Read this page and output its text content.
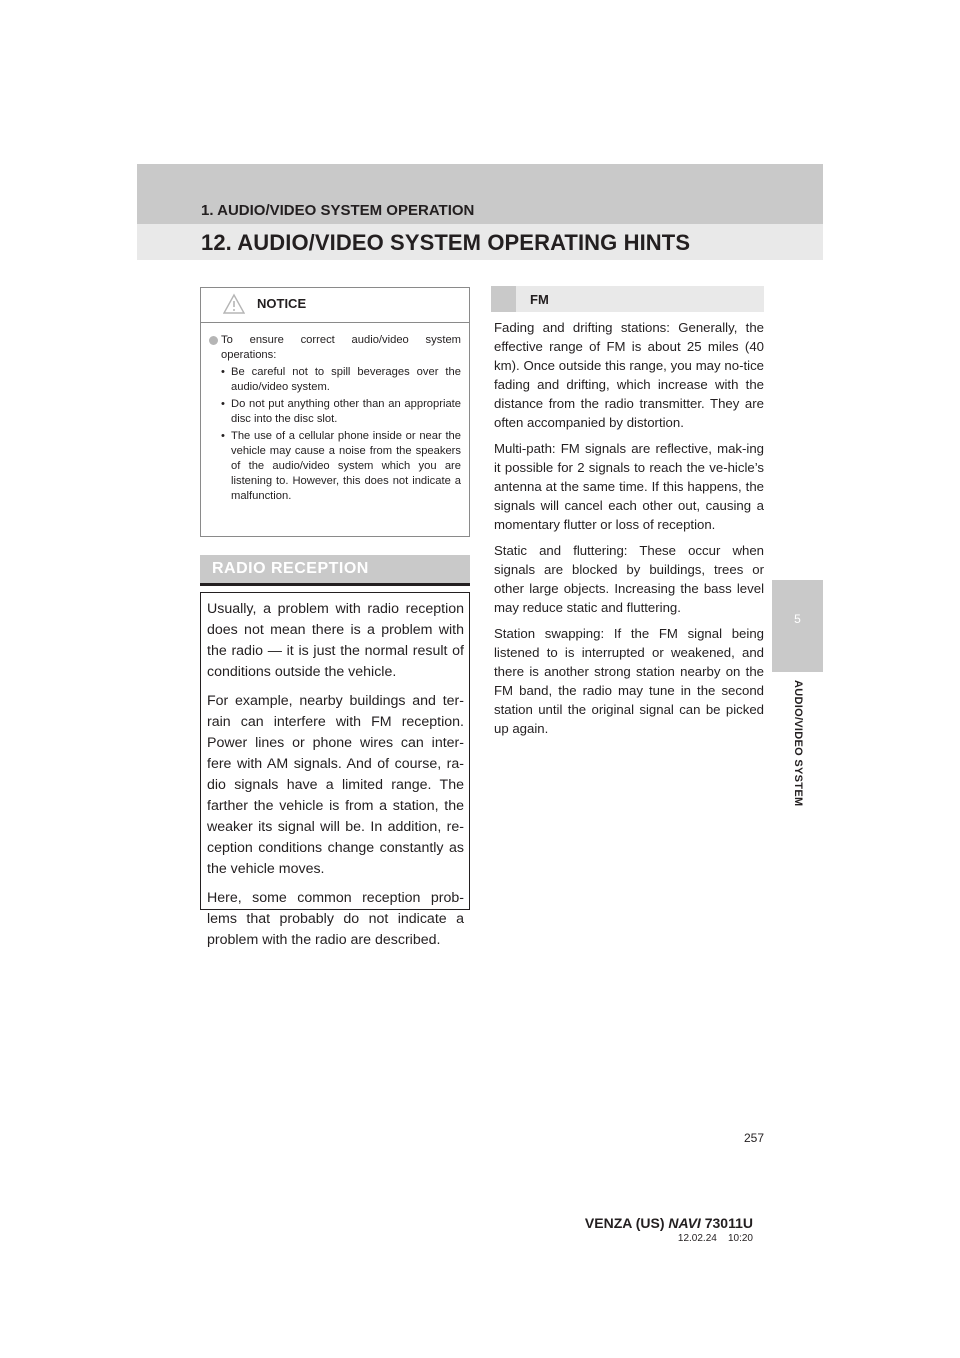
1. AUDIO/VIDEO SYSTEM OPERATION
12. AUDIO/VIDEO SYSTEM OPERATING HINTS
5
AUDIO/VIDEO SYSTEM
NOTICE
To ensure correct audio/video system operations:
• Be careful not to spill beverages over the audio/video system.
• Do not put anything other than an appropriate disc into the disc slot.
• The use of a cellular phone inside or near the vehicle may cause a noise from the speakers of the audio/video system which you are listening to. However, this does not indicate a malfunction.
RADIO RECEPTION

Usually, a problem with radio reception does not mean there is a problem with the radio — it is just the normal result of conditions outside the vehicle.

For example, nearby buildings and ter-rain can interfere with FM reception. Power lines or phone wires can inter-fere with AM signals. And of course, ra-dio signals have a limited range. The farther the vehicle is from a station, the weaker its signal will be. In addition, re-ception conditions change constantly as the vehicle moves.

Here, some common reception prob-lems that probably do not indicate a problem with the radio are described.

FM

Fading and drifting stations: Generally, the effective range of FM is about 25 miles (40 km). Once outside this range, you may no-tice fading and drifting, which increase with the distance from the radio transmitter. They are often accompanied by distortion.

Multi-path: FM signals are reflective, mak-ing it possible for 2 signals to reach the ve-hicle’s antenna at the same time. If this happens, the signals will cancel each other out, causing a momentary flutter or loss of reception.

Static and fluttering: These occur when signals are blocked by buildings, trees or other large objects. Increasing the bass level may reduce static and fluttering.

Station swapping: If the FM signal being listened to is interrupted or weakened, and there is another strong station nearby on the FM band, the radio may tune in the second station until the original signal can be picked up again.

257
VENZA (US) NAVI 73011U
12.02.24 10:20
